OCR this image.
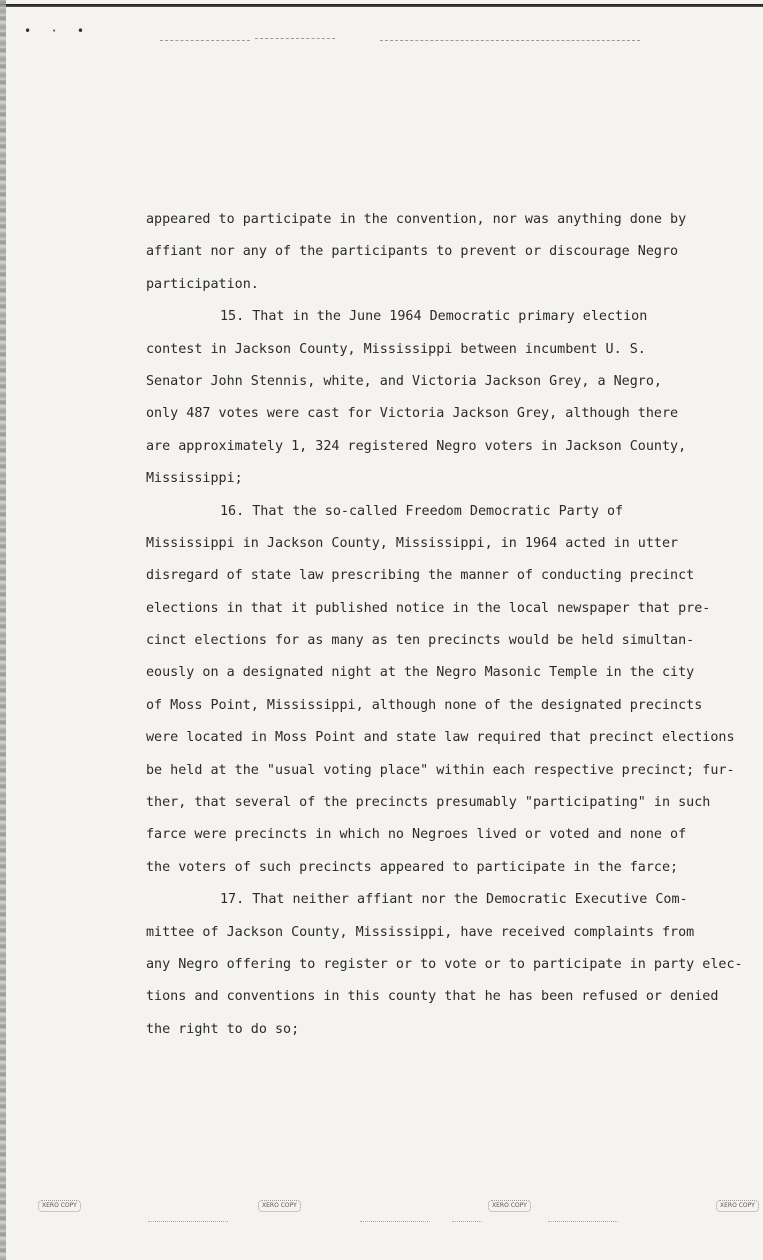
• · •
appeared to participate in the convention, nor was anything done by
affiant nor any of the participants to prevent or discourage Negro
participation.
15. That in the June 1964 Democratic primary election
contest in Jackson County, Mississippi between incumbent U. S.
Senator John Stennis, white, and Victoria Jackson Grey, a Negro,
only 487 votes were cast for Victoria Jackson Grey, although there
are approximately 1, 324 registered Negro voters in Jackson County,
Mississippi;
16. That the so-called Freedom Democratic Party of
Mississippi in Jackson County, Mississippi, in 1964 acted in utter
disregard of state law prescribing the manner of conducting precinct
elections in that it published notice in the local newspaper that pre-
cinct elections for as many as ten precincts would be held simultan-
eously on a designated night at the Negro Masonic Temple in the city
of Moss Point, Mississippi, although none of the designated precincts
were located in Moss Point and state law required that precinct elections
be held at the "usual voting place" within each respective precinct; fur-
ther, that several of the precincts presumably "participating" in such
farce were precincts in which no Negroes lived or voted and none of
the voters of such precincts appeared to participate in the farce;
17. That neither affiant nor the Democratic Executive Com-
mittee of Jackson County, Mississippi, have received complaints from
any Negro offering to register or to vote or to participate in party elec-
tions and conventions in this county that he has been refused or denied
the right to do so;
XERO COPY	XERO COPY	XERO COPY	XERO COPY
